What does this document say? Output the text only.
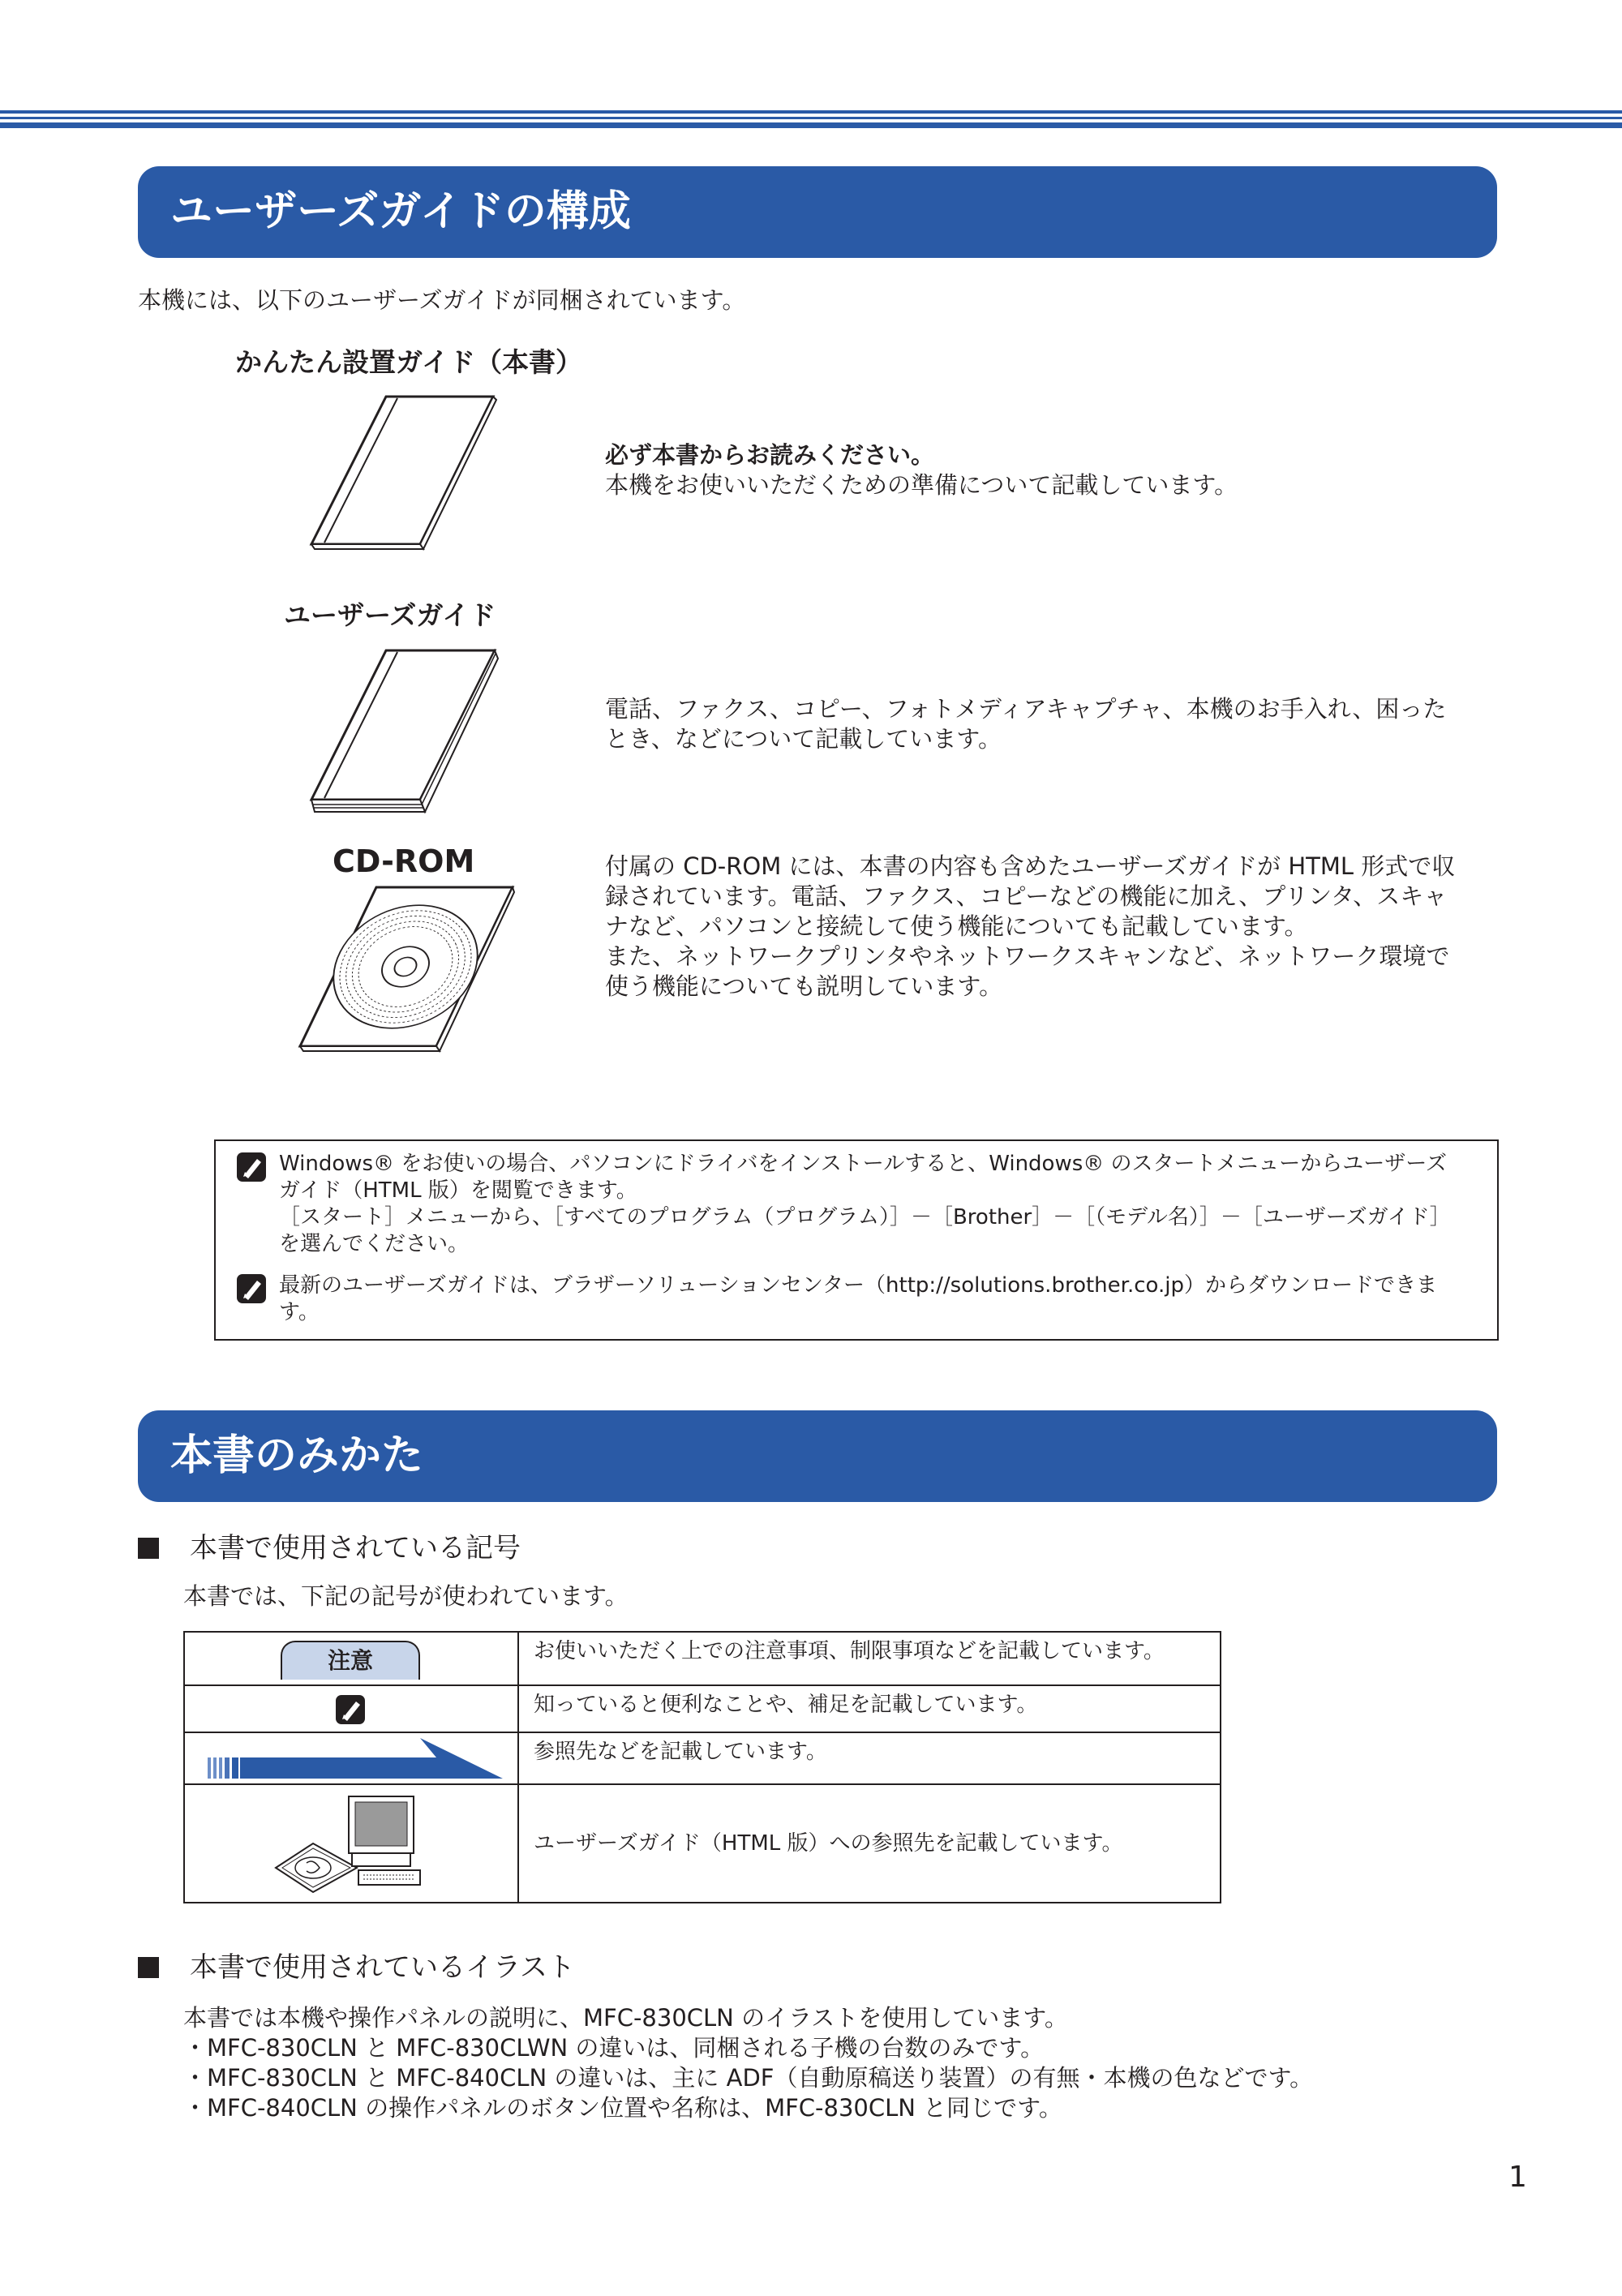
ユーザーズガイドの構成
本機には、以下のユーザーズガイドが同梱されています。
かんたん設置ガイド（本書）
必ず本書からお読みください。
本機をお使いいただくための準備について記載しています。
ユーザーズガイド
電話、ファクス、コピー、フォトメディアキャプチャ、本機のお手入れ、困った
とき、などについて記載しています。
CD-ROM	付属の CD-ROM には、本書の内容も含めたユーザーズガイドが HTML 形式で収
録されています。電話、ファクス、コピーなどの機能に加え、プリンタ、スキャ
ナなど、パソコンと接続して使う機能についても記載しています。
また、ネットワークプリンタやネットワークスキャンなど、ネットワーク環境で
使う機能についても説明しています。
Windows® をお使いの場合、パソコンにドライバをインストールすると、Windows® のスタートメニューからユーザーズ
ガイド（HTML 版）を閲覧できます。
［スタート］メニューから、［すべてのプログラム（プログラム）］－［Brother］－［（モデル名）］－［ユーザーズガイド］
を選んでください。
最新のユーザーズガイドは、ブラザーソリューションセンター（http://solutions.brother.co.jp）からダウンロードできま
す。
本書のみかた
本書で使用されている記号
本書では、下記の記号が使われています。
注意	お使いいただく上での注意事項、制限事項などを記載しています。

	知っていると便利なことや、補足を記載しています。

	参照先などを記載しています。

	ユーザーズガイド（HTML 版）への参照先を記載しています。
本書で使用されているイラスト
本書では本機や操作パネルの説明に、MFC-830CLN のイラストを使用しています。
・MFC-830CLN と MFC-830CLWN の違いは、同梱される子機の台数のみです。
・MFC-830CLN と MFC-840CLN の違いは、主に ADF（自動原稿送り装置）の有無・本機の色などです。
・MFC-840CLN の操作パネルのボタン位置や名称は、MFC-830CLN と同じです。
1
